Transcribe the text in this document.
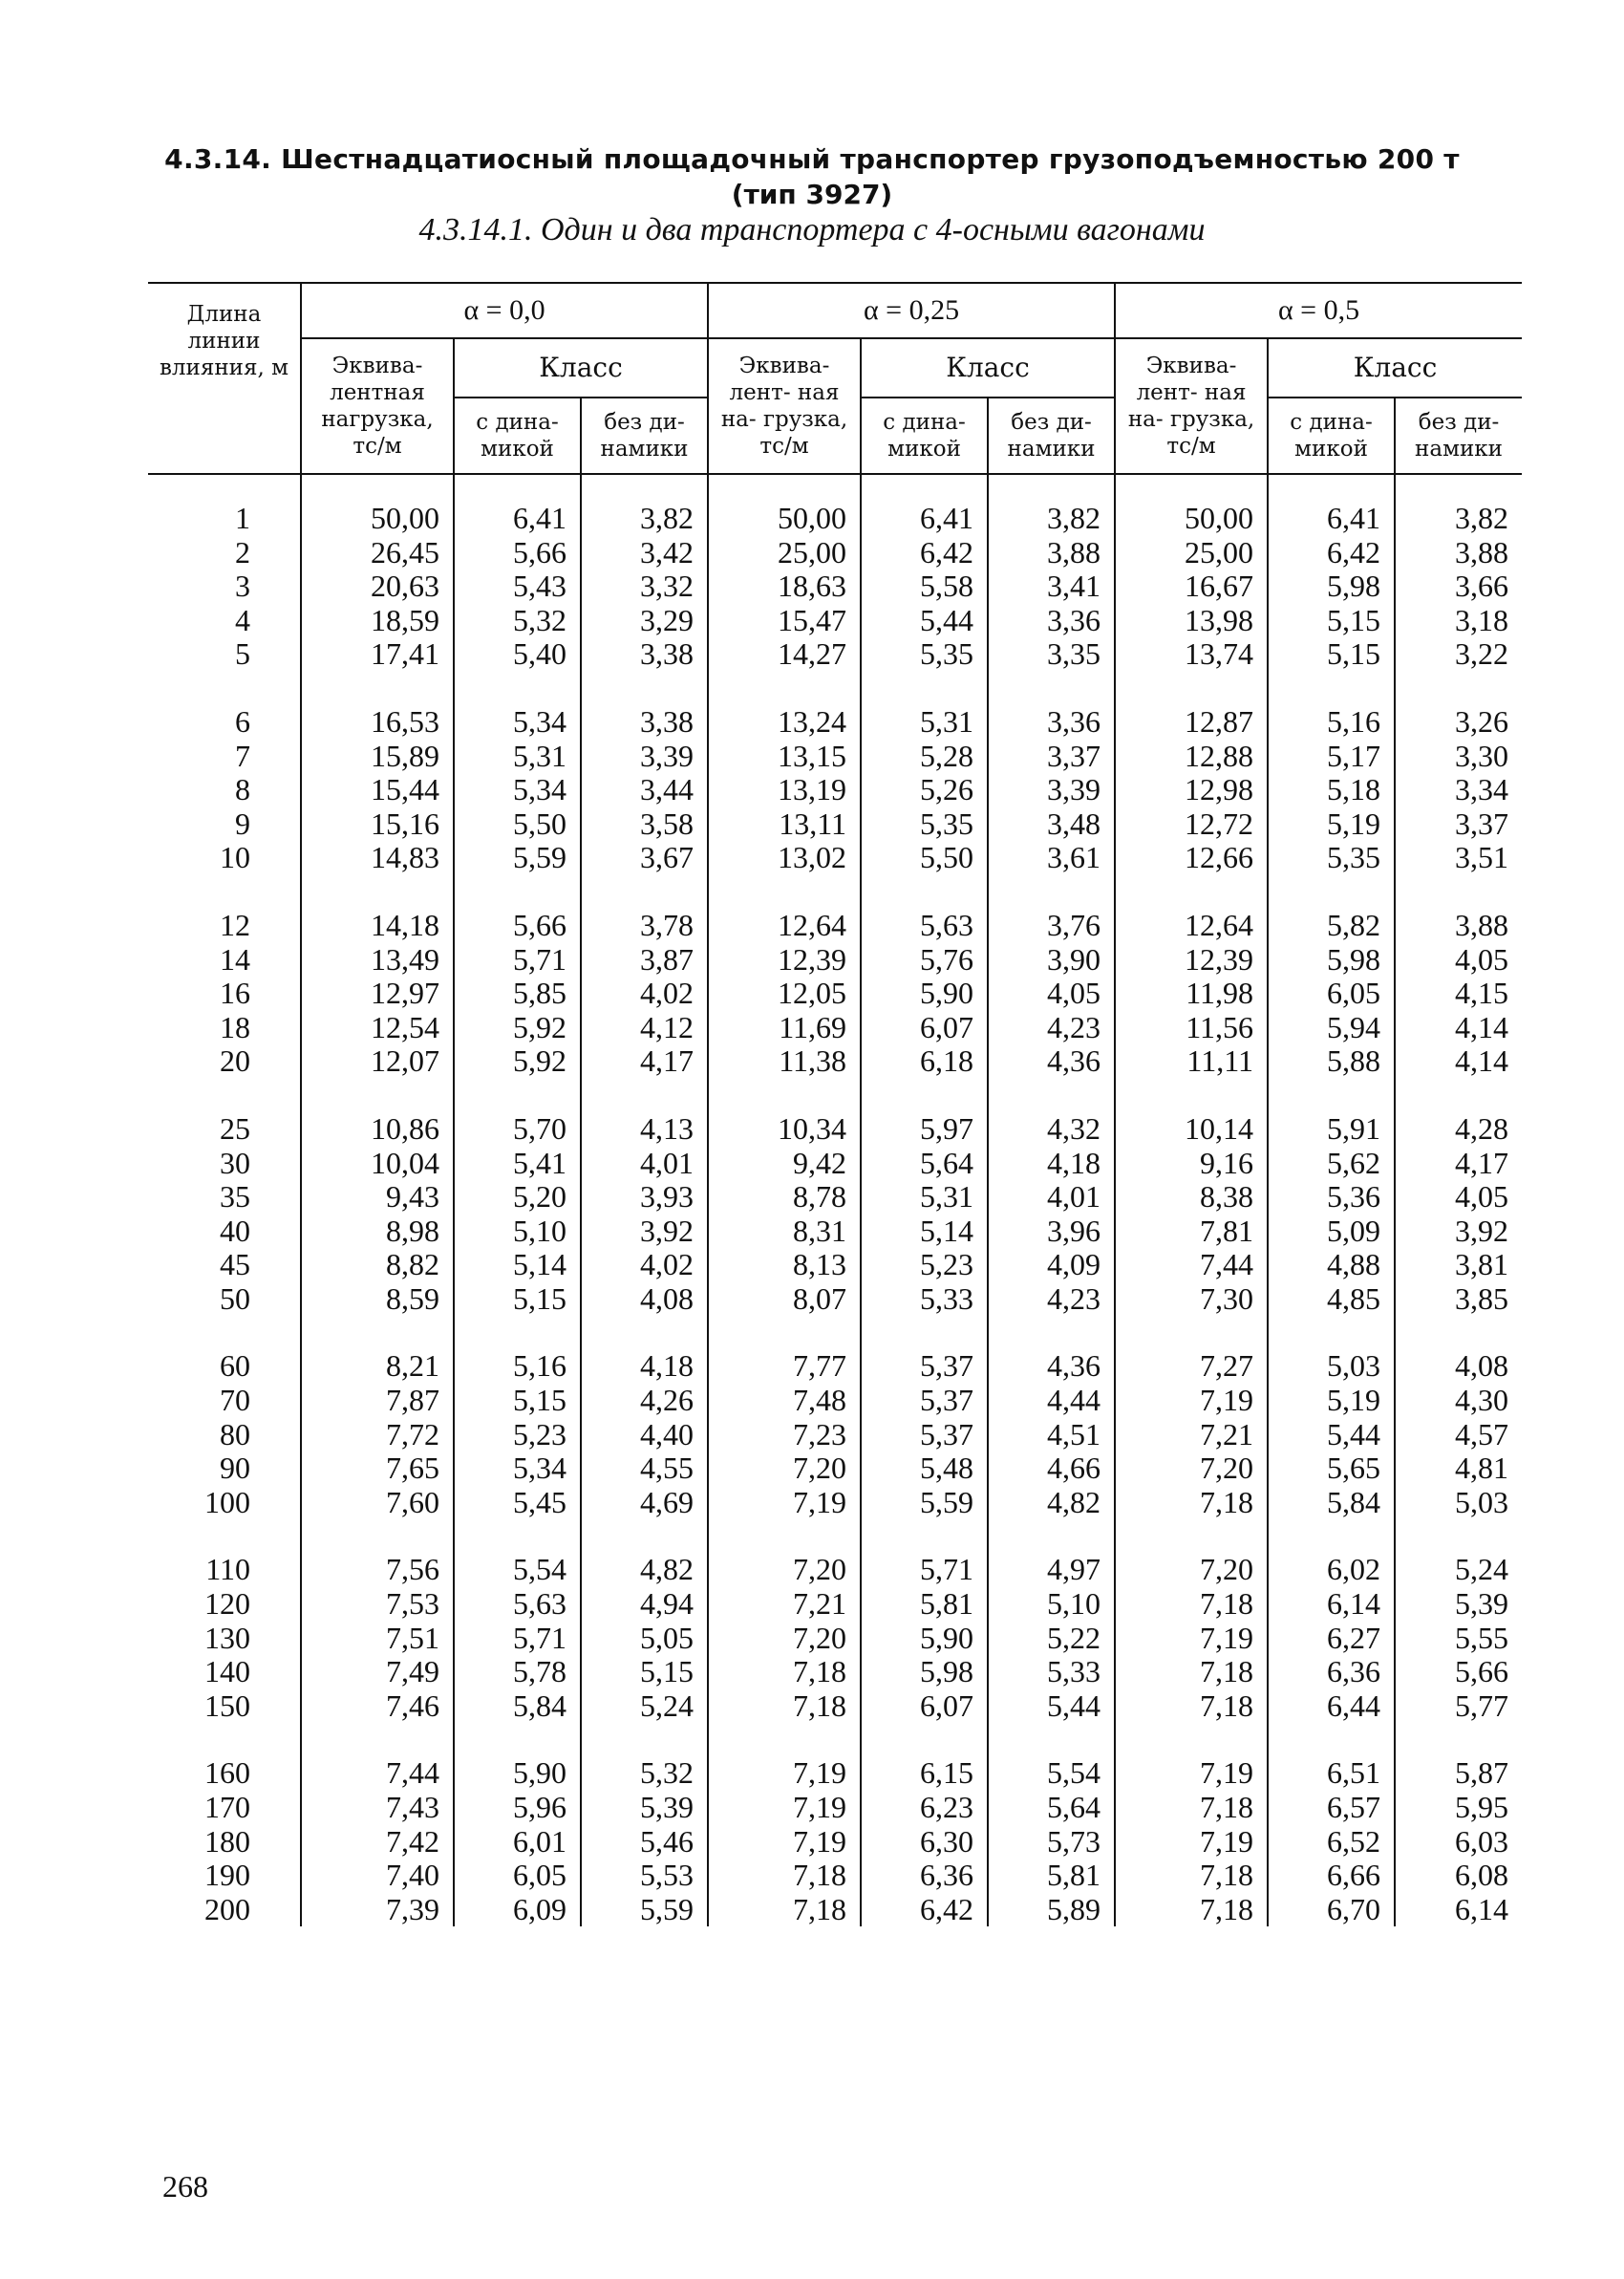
4.3.14. Шестнадцатиосный площадочный транспортер грузоподъемностью 200 т
(тип 3927)
4.3.14.1. Один и два транспортера с 4-осными вагонами
Длина линии влияния, м	α = 0,0			α = 0,25			α = 0,5		
	Эквива- лентная нагрузка, тс/м	Класс		Эквива- лент- ная на- грузка, тс/м	Класс		Эквива- лент- ная на- грузка, тс/м	Класс	
		с дина- микой	без ди- намики		с дина- микой	без ди- намики		с дина- микой	без ди- намики

1	50,00	6,41	3,82	50,00	6,41	3,82	50,00	6,41	3,82
2	26,45	5,66	3,42	25,00	6,42	3,88	25,00	6,42	3,88
3	20,63	5,43	3,32	18,63	5,58	3,41	16,67	5,98	3,66
4	18,59	5,32	3,29	15,47	5,44	3,36	13,98	5,15	3,18
5	17,41	5,40	3,38	14,27	5,35	3,35	13,74	5,15	3,22

6	16,53	5,34	3,38	13,24	5,31	3,36	12,87	5,16	3,26
7	15,89	5,31	3,39	13,15	5,28	3,37	12,88	5,17	3,30
8	15,44	5,34	3,44	13,19	5,26	3,39	12,98	5,18	3,34
9	15,16	5,50	3,58	13,11	5,35	3,48	12,72	5,19	3,37
10	14,83	5,59	3,67	13,02	5,50	3,61	12,66	5,35	3,51

12	14,18	5,66	3,78	12,64	5,63	3,76	12,64	5,82	3,88
14	13,49	5,71	3,87	12,39	5,76	3,90	12,39	5,98	4,05
16	12,97	5,85	4,02	12,05	5,90	4,05	11,98	6,05	4,15
18	12,54	5,92	4,12	11,69	6,07	4,23	11,56	5,94	4,14
20	12,07	5,92	4,17	11,38	6,18	4,36	11,11	5,88	4,14

25	10,86	5,70	4,13	10,34	5,97	4,32	10,14	5,91	4,28
30	10,04	5,41	4,01	9,42	5,64	4,18	9,16	5,62	4,17
35	9,43	5,20	3,93	8,78	5,31	4,01	8,38	5,36	4,05
40	8,98	5,10	3,92	8,31	5,14	3,96	7,81	5,09	3,92
45	8,82	5,14	4,02	8,13	5,23	4,09	7,44	4,88	3,81
50	8,59	5,15	4,08	8,07	5,33	4,23	7,30	4,85	3,85

60	8,21	5,16	4,18	7,77	5,37	4,36	7,27	5,03	4,08
70	7,87	5,15	4,26	7,48	5,37	4,44	7,19	5,19	4,30
80	7,72	5,23	4,40	7,23	5,37	4,51	7,21	5,44	4,57
90	7,65	5,34	4,55	7,20	5,48	4,66	7,20	5,65	4,81
100	7,60	5,45	4,69	7,19	5,59	4,82	7,18	5,84	5,03

110	7,56	5,54	4,82	7,20	5,71	4,97	7,20	6,02	5,24
120	7,53	5,63	4,94	7,21	5,81	5,10	7,18	6,14	5,39
130	7,51	5,71	5,05	7,20	5,90	5,22	7,19	6,27	5,55
140	7,49	5,78	5,15	7,18	5,98	5,33	7,18	6,36	5,66
150	7,46	5,84	5,24	7,18	6,07	5,44	7,18	6,44	5,77

160	7,44	5,90	5,32	7,19	6,15	5,54	7,19	6,51	5,87
170	7,43	5,96	5,39	7,19	6,23	5,64	7,18	6,57	5,95
180	7,42	6,01	5,46	7,19	6,30	5,73	7,19	6,52	6,03
190	7,40	6,05	5,53	7,18	6,36	5,81	7,18	6,66	6,08
200	7,39	6,09	5,59	7,18	6,42	5,89	7,18	6,70	6,14
268
